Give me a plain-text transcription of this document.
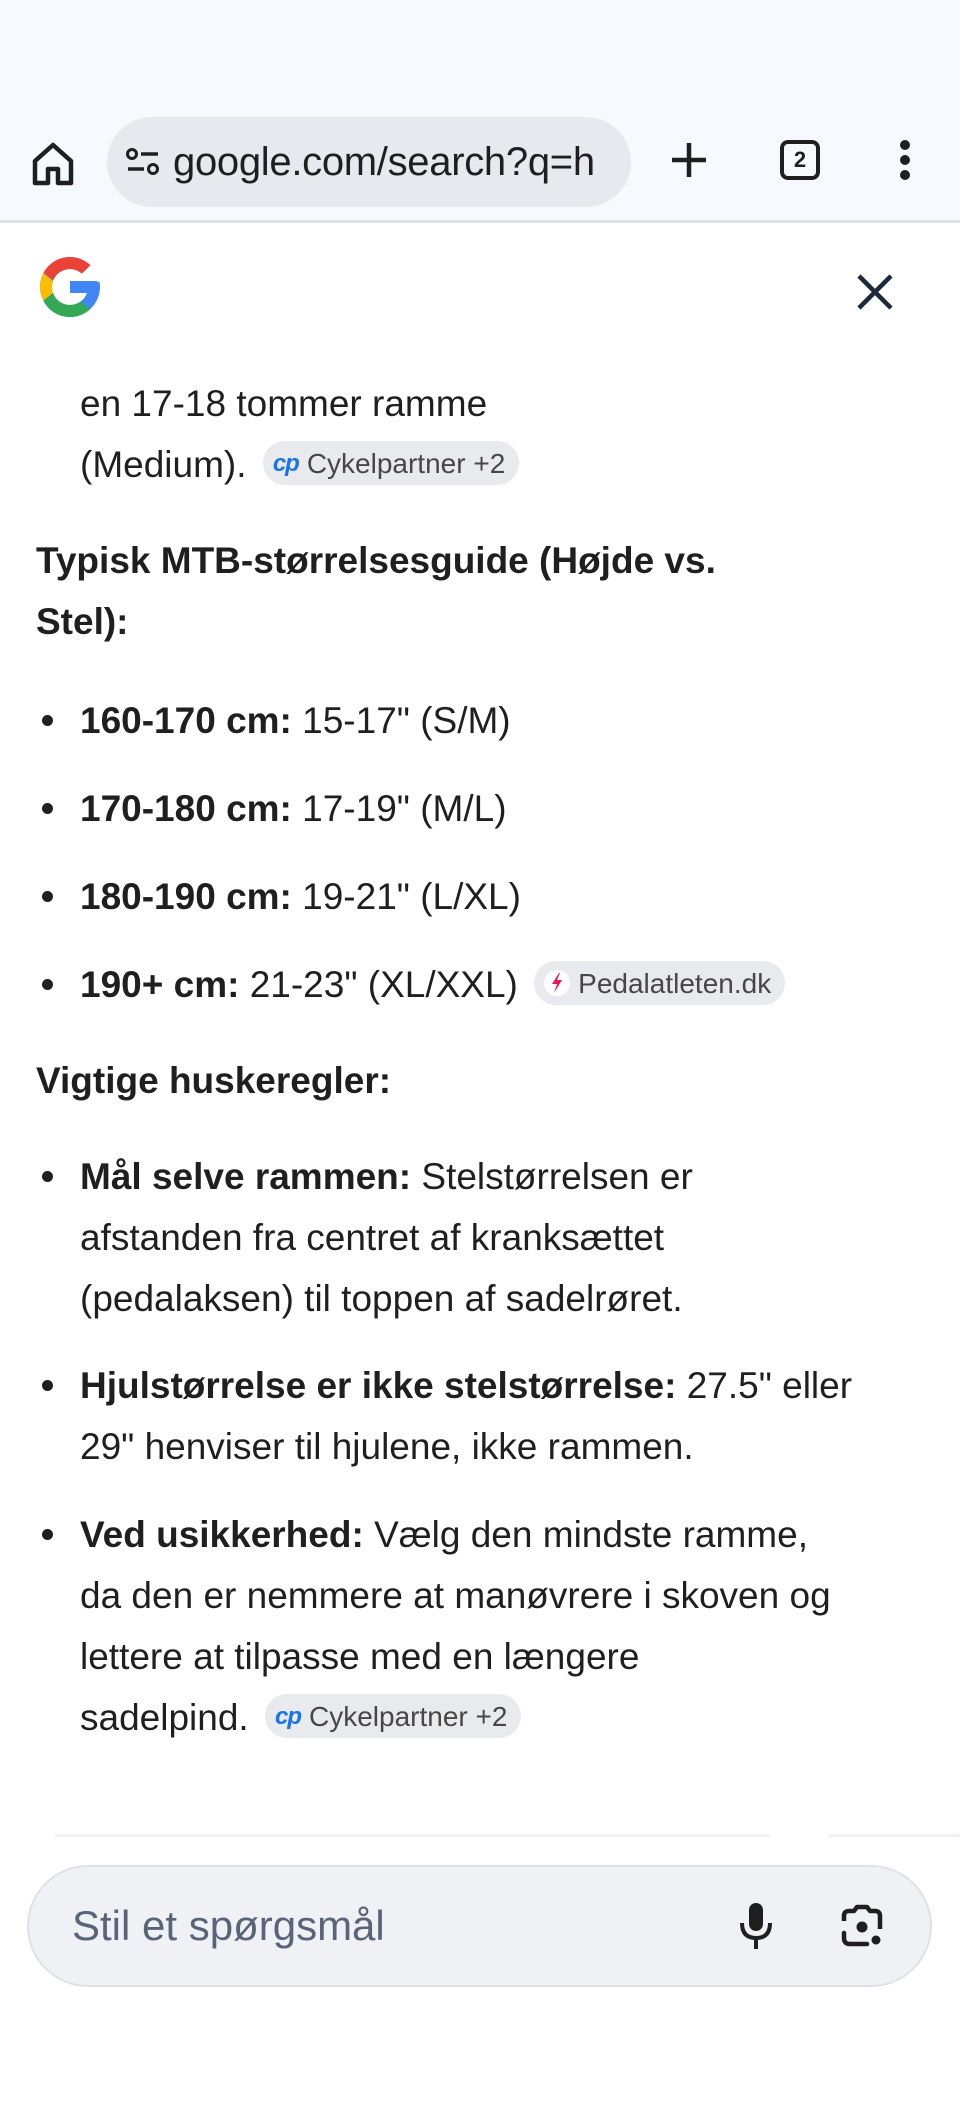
google.com/search?q=h	2
en 17-18 tommer ramme
(Medium). cp Cykelpartner +2
Typisk MTB-størrelsesguide (Højde vs.
Stel):
160-170 cm: 15-17" (S/M)
170-180 cm: 17-19" (M/L)
180-190 cm: 19-21" (L/XL)
190+ cm: 21-23" (XL/XXL) Pedalatleten.dk
Vigtige huskeregler:
Mål selve rammen: Stelstørrelsen er
afstanden fra centret af kranksættet
(pedalaksen) til toppen af sadelrøret.
Hjulstørrelse er ikke stelstørrelse: 27.5" eller
29" henviser til hjulene, ikke rammen.
Ved usikkerhed: Vælg den mindste ramme,
da den er nemmere at manøvrere i skoven og
lettere at tilpasse med en længere
sadelpind. cp Cykelpartner +2
Stil et spørgsmål
